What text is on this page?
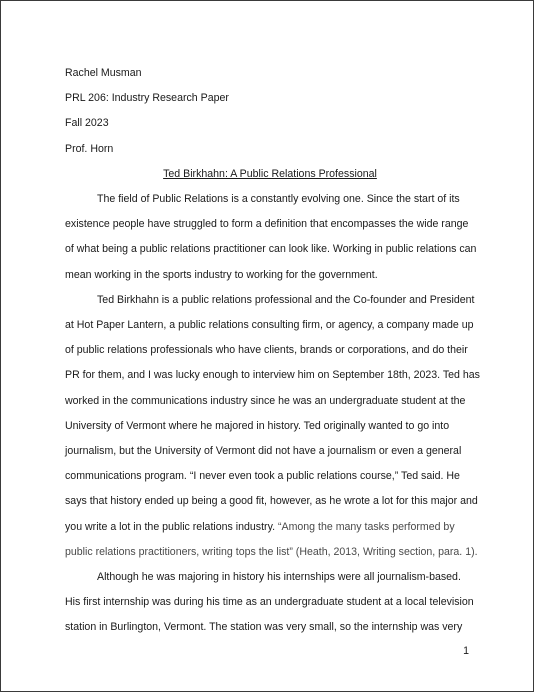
Rachel Musman
PRL 206: Industry Research Paper
Fall 2023
Prof. Horn
Ted Birkhahn: A Public Relations Professional

The field of Public Relations is a constantly evolving one. Since the start of its
existence people have struggled to form a definition that encompasses the wide range
of what being a public relations practitioner can look like. Working in public relations can
mean working in the sports industry to working for the government.

Ted Birkhahn is a public relations professional and the Co-founder and President
at Hot Paper Lantern, a public relations consulting firm, or agency, a company made up
of public relations professionals who have clients, brands or corporations, and do their
PR for them, and I was lucky enough to interview him on September 18th, 2023. Ted has
worked in the communications industry since he was an undergraduate student at the
University of Vermont where he majored in history. Ted originally wanted to go into
journalism, but the University of Vermont did not have a journalism or even a general
communications program. “I never even took a public relations course,” Ted said. He
says that history ended up being a good fit, however, as he wrote a lot for this major and
you write a lot in the public relations industry. “Among the many tasks performed by
public relations practitioners, writing tops the list” (Heath, 2013, Writing section, para. 1).

Although he was majoring in history his internships were all journalism-based.
His first internship was during his time as an undergraduate student at a local television
station in Burlington, Vermont. The station was very small, so the internship was very

1
